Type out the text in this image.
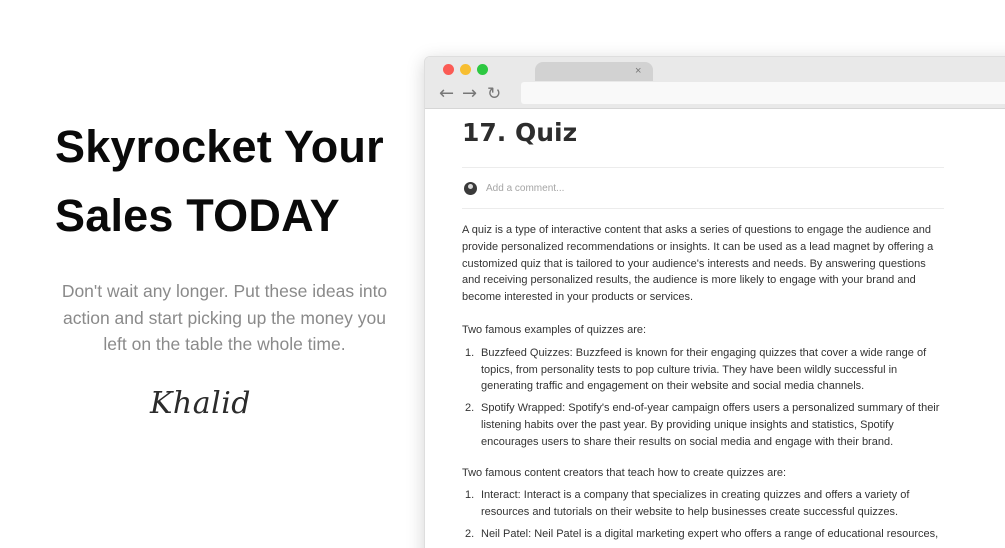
Skyrocket Your Sales TODAY
Don't wait any longer. Put these ideas into action and start picking up the money you left on the table the whole time.
Khalid
×
← → ↻
17. Quiz
Add a comment...

A quiz is a type of interactive content that asks a series of questions to engage the audience and provide personalized recommendations or insights. It can be used as a lead magnet by offering a customized quiz that is tailored to your audience's interests and needs. By answering questions and receiving personalized results, the audience is more likely to engage with your brand and become interested in your products or services.

Two famous examples of quizzes are:

1. Buzzfeed Quizzes: Buzzfeed is known for their engaging quizzes that cover a wide range of topics, from personality tests to pop culture trivia. They have been wildly successful in generating traffic and engagement on their website and social media channels.
2. Spotify Wrapped: Spotify's end-of-year campaign offers users a personalized summary of their listening habits over the past year. By providing unique insights and statistics, Spotify encourages users to share their results on social media and engage with their brand.

Two famous content creators that teach how to create quizzes are:

1. Interact: Interact is a company that specializes in creating quizzes and offers a variety of resources and tutorials on their website to help businesses create successful quizzes.
2. Neil Patel: Neil Patel is a digital marketing expert who offers a range of educational resources,
